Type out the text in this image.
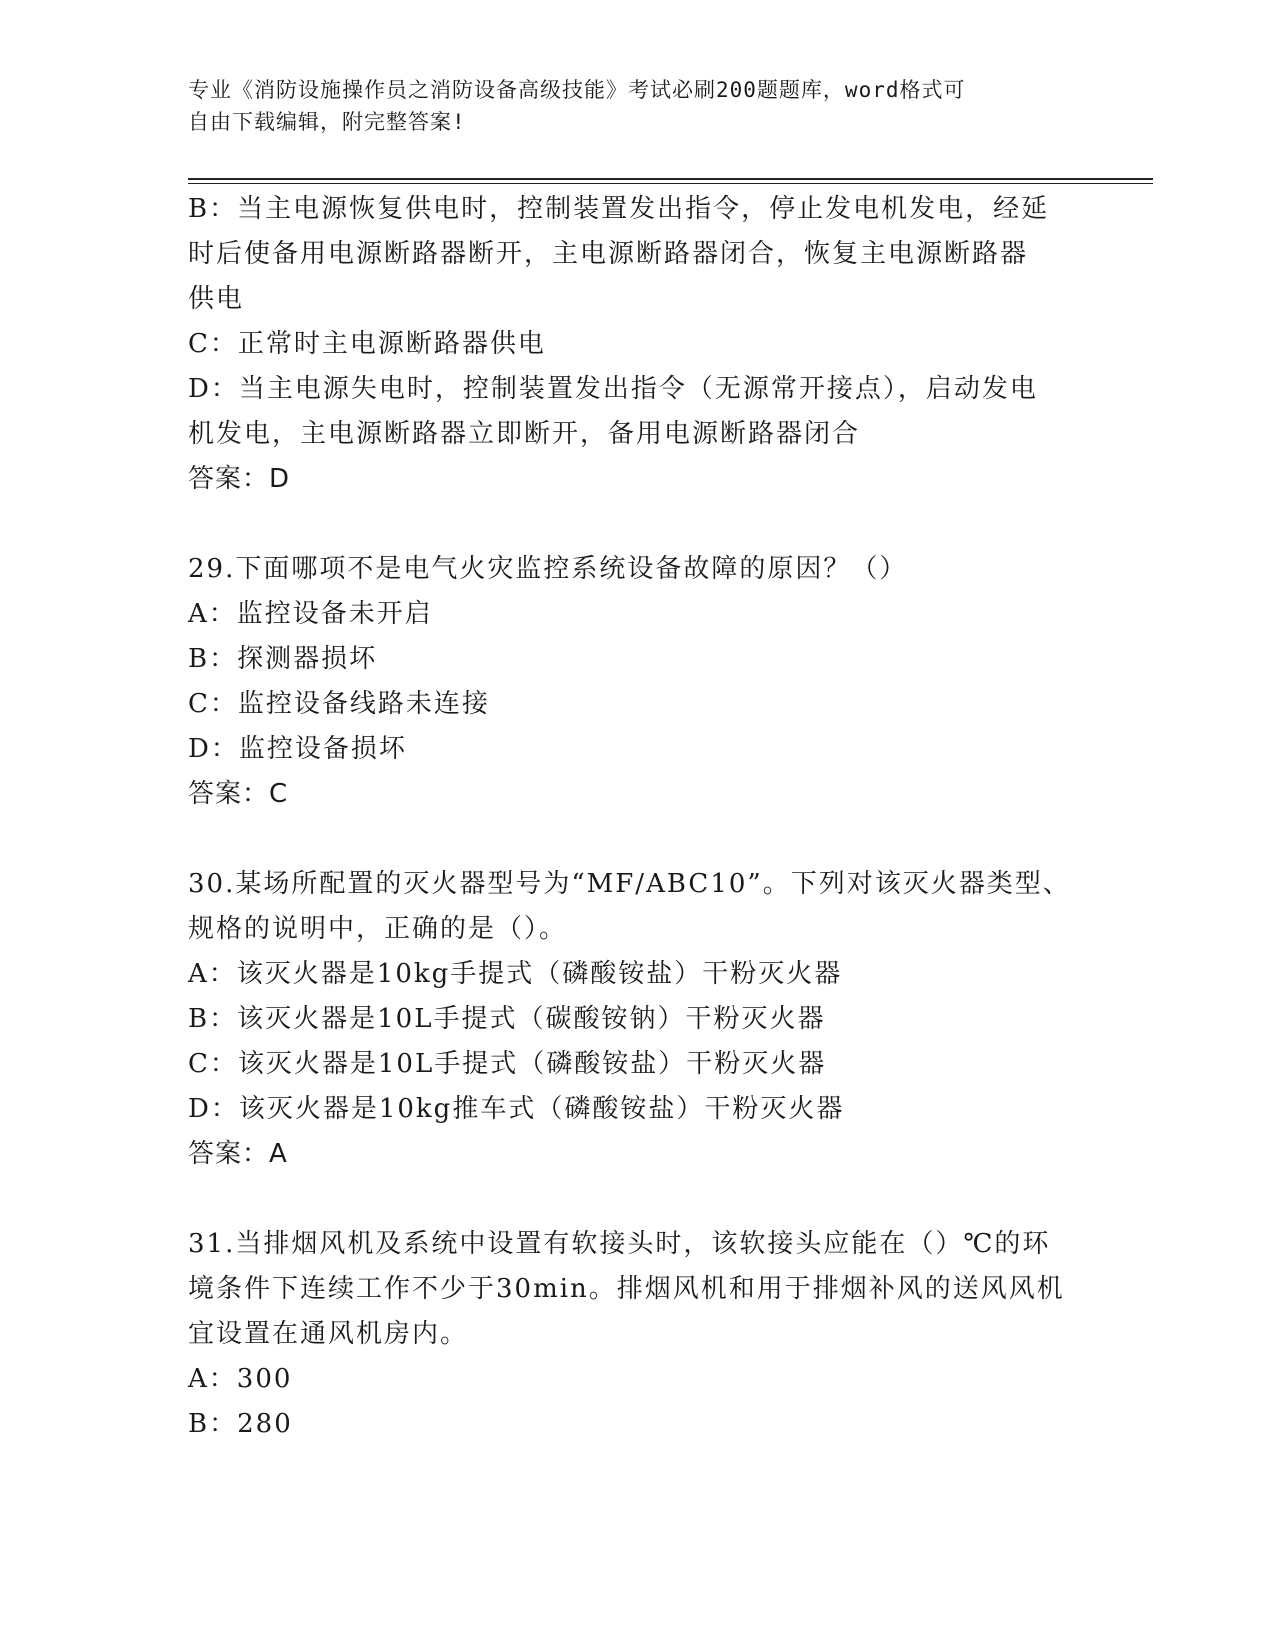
专业《消防设施操作员之消防设备高级技能》考试必刷200题题库，word格式可
自由下载编辑，附完整答案!
B：当主电源恢复供电时，控制装置发出指令，停止发电机发电，经延
时后使备用电源断路器断开，主电源断路器闭合，恢复主电源断路器
供电
C：正常时主电源断路器供电
D：当主电源失电时，控制装置发出指令（无源常开接点），启动发电
机发电，主电源断路器立即断开，备用电源断路器闭合
答案：D
29.下面哪项不是电气火灾监控系统设备故障的原因？（）
A：监控设备未开启
B：探测器损坏
C：监控设备线路未连接
D：监控设备损坏
答案：C
30.某场所配置的灭火器型号为“MF/ABC10”。下列对该灭火器类型、
规格的说明中，正确的是（）。
A：该灭火器是10kg手提式（磷酸铵盐）干粉灭火器
B：该灭火器是10L手提式（碳酸铵钠）干粉灭火器
C：该灭火器是10L手提式（磷酸铵盐）干粉灭火器
D：该灭火器是10kg推车式（磷酸铵盐）干粉灭火器
答案：A
31.当排烟风机及系统中设置有软接头时，该软接头应能在（）℃的环
境条件下连续工作不少于30min。排烟风机和用于排烟补风的送风风机
宜设置在通风机房内。
A：300
B：280
